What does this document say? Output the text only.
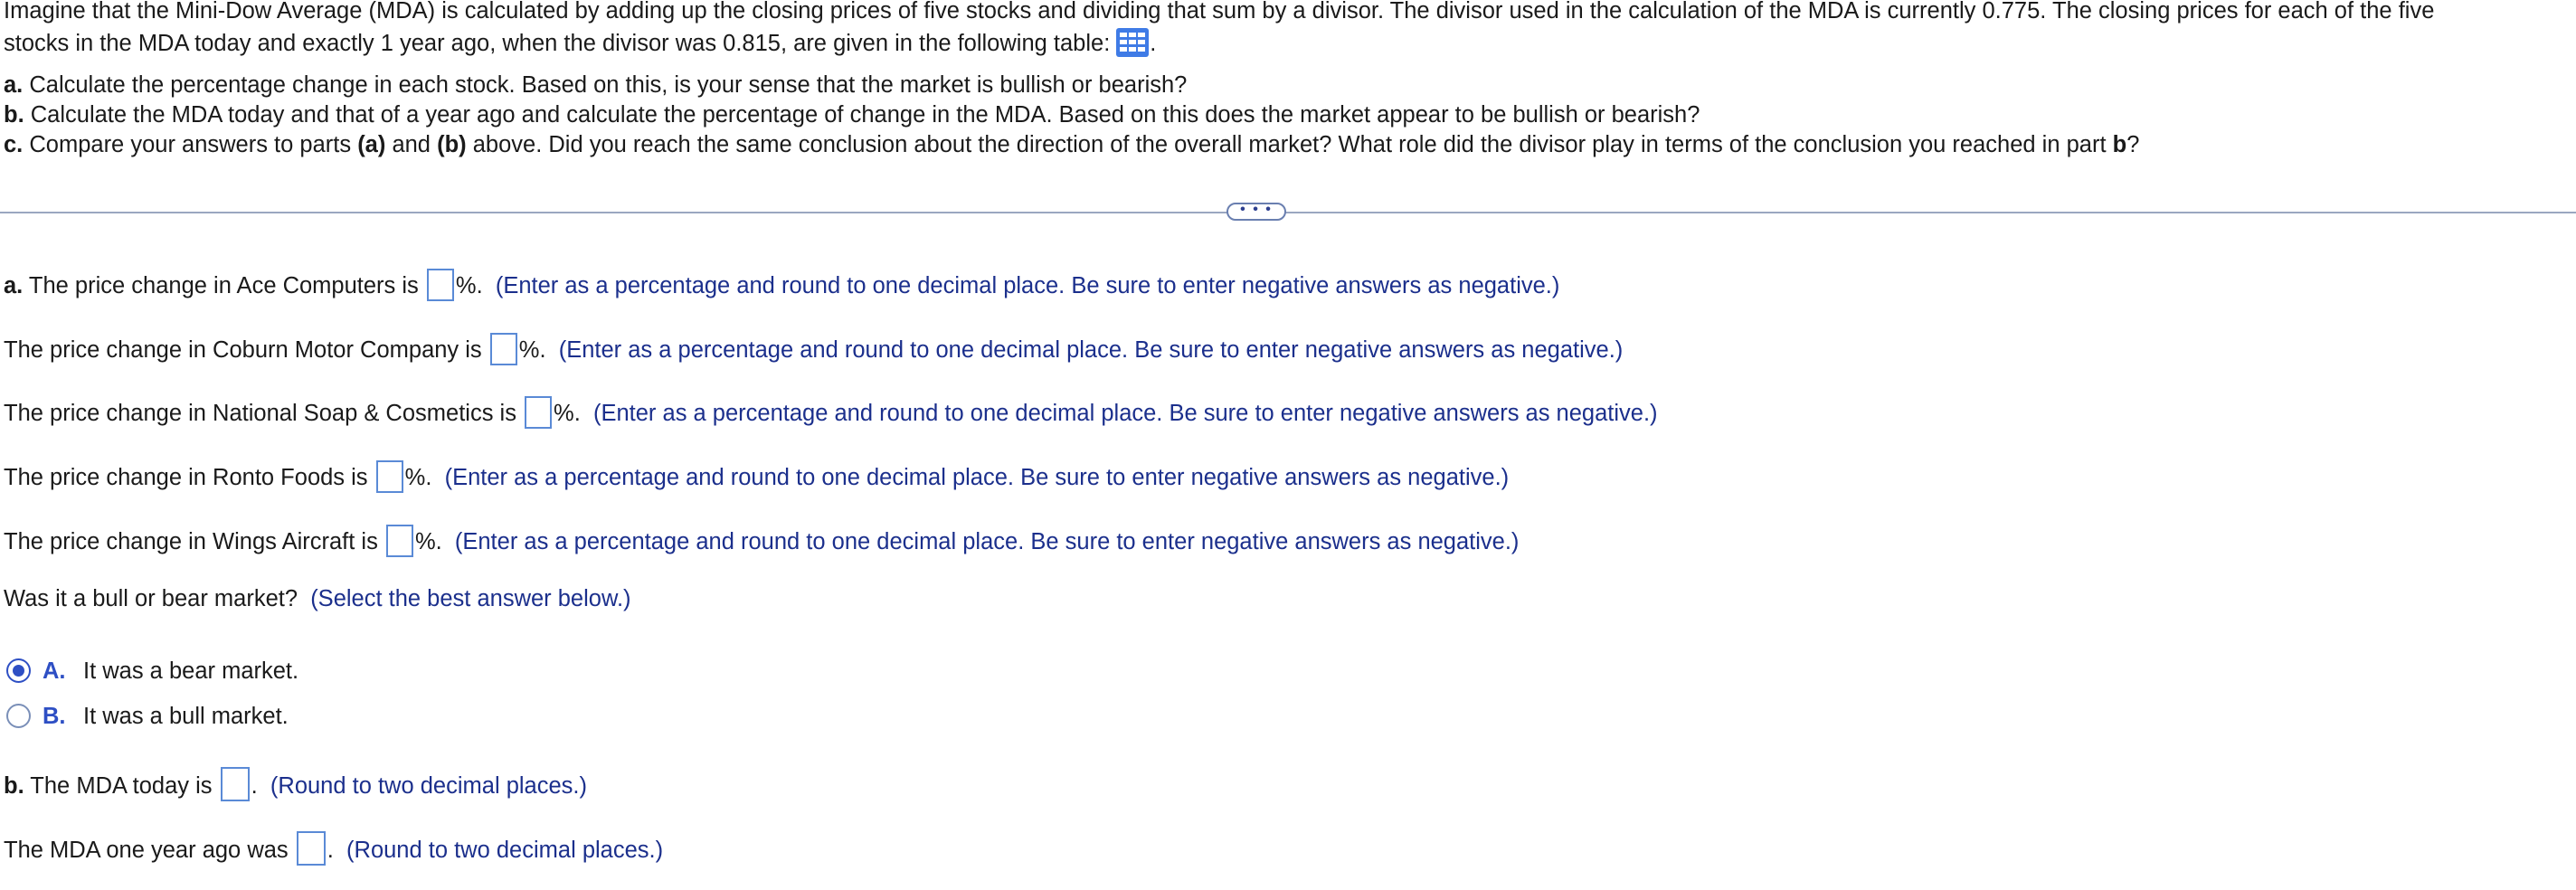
Imagine that the Mini-Dow Average (MDA) is calculated by adding up the closing prices of five stocks and dividing that sum by a divisor. The divisor used in the calculation of the MDA is currently 0.775. The closing prices for each of the five
stocks in the MDA today and exactly 1 year ago, when the divisor was 0.815, are given in the following table: .
a. Calculate the percentage change in each stock. Based on this, is your sense that the market is bullish or bearish?
b. Calculate the MDA today and that of a year ago and calculate the percentage of change in the MDA. Based on this does the market appear to be bullish or bearish?
c. Compare your answers to parts (a) and (b) above. Did you reach the same conclusion about the direction of the overall market? What role did the divisor play in terms of the conclusion you reached in part b?
• • •
a. The price change in Ace Computers is %. (Enter as a percentage and round to one decimal place. Be sure to enter negative answers as negative.)
The price change in Coburn Motor Company is %. (Enter as a percentage and round to one decimal place. Be sure to enter negative answers as negative.)
The price change in National Soap & Cosmetics is %. (Enter as a percentage and round to one decimal place. Be sure to enter negative answers as negative.)
The price change in Ronto Foods is %. (Enter as a percentage and round to one decimal place. Be sure to enter negative answers as negative.)
The price change in Wings Aircraft is %. (Enter as a percentage and round to one decimal place. Be sure to enter negative answers as negative.)
Was it a bull or bear market? (Select the best answer below.)
A. It was a bear market.
B. It was a bull market.
b. The MDA today is . (Round to two decimal places.)
The MDA one year ago was . (Round to two decimal places.)
